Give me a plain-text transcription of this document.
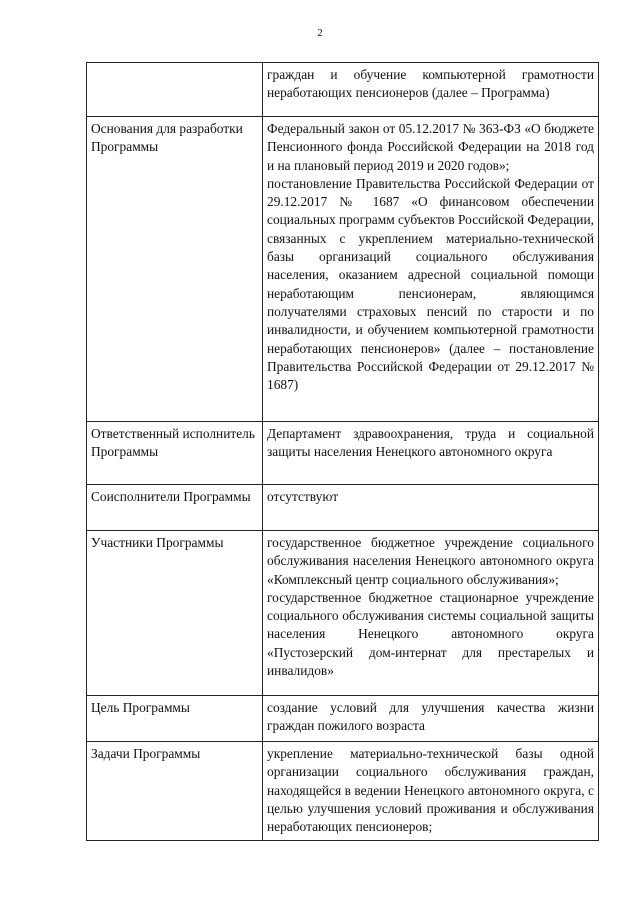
2

	граждан и обучение компьютерной грамотности неработающих пенсионеров (далее – Программа)

Основания для разработки Программы	Федеральный закон от 05.12.2017 № 363-ФЗ «О бюджете Пенсионного фонда Российской Федерации на 2018 год и на плановый период 2019 и 2020 годов»;
постановление Правительства Российской Федерации от 29.12.2017 № 1687 «О финансовом обеспечении социальных программ субъектов Российской Федерации, связанных с укреплением материально-технической базы организаций социального обслуживания населения, оказанием адресной социальной помощи неработающим пенсионерам, являющимся получателями страховых пенсий по старости и по инвалидности, и обучением компьютерной грамотности неработающих пенсионеров» (далее – постановление Правительства Российской Федерации от 29.12.2017 № 1687)

Ответственный исполнитель Программы	Департамент здравоохранения, труда и социальной защиты населения Ненецкого автономного округа

Соисполнители Программы	отсутствуют

Участники Программы	государственное бюджетное учреждение социального обслуживания населения Ненецкого автономного округа «Комплексный центр социального обслуживания»;
государственное бюджетное стационарное учреждение социального обслуживания системы социальной защиты населения Ненецкого автономного округа «Пустозерский дом-интернат для престарелых и инвалидов»

Цель Программы	создание условий для улучшения качества жизни граждан пожилого возраста

Задачи Программы	укрепление материально-технической базы одной организации социального обслуживания граждан, находящейся в ведении Ненецкого автономного округа, с целью улучшения условий проживания и обслуживания неработающих пенсионеров;
